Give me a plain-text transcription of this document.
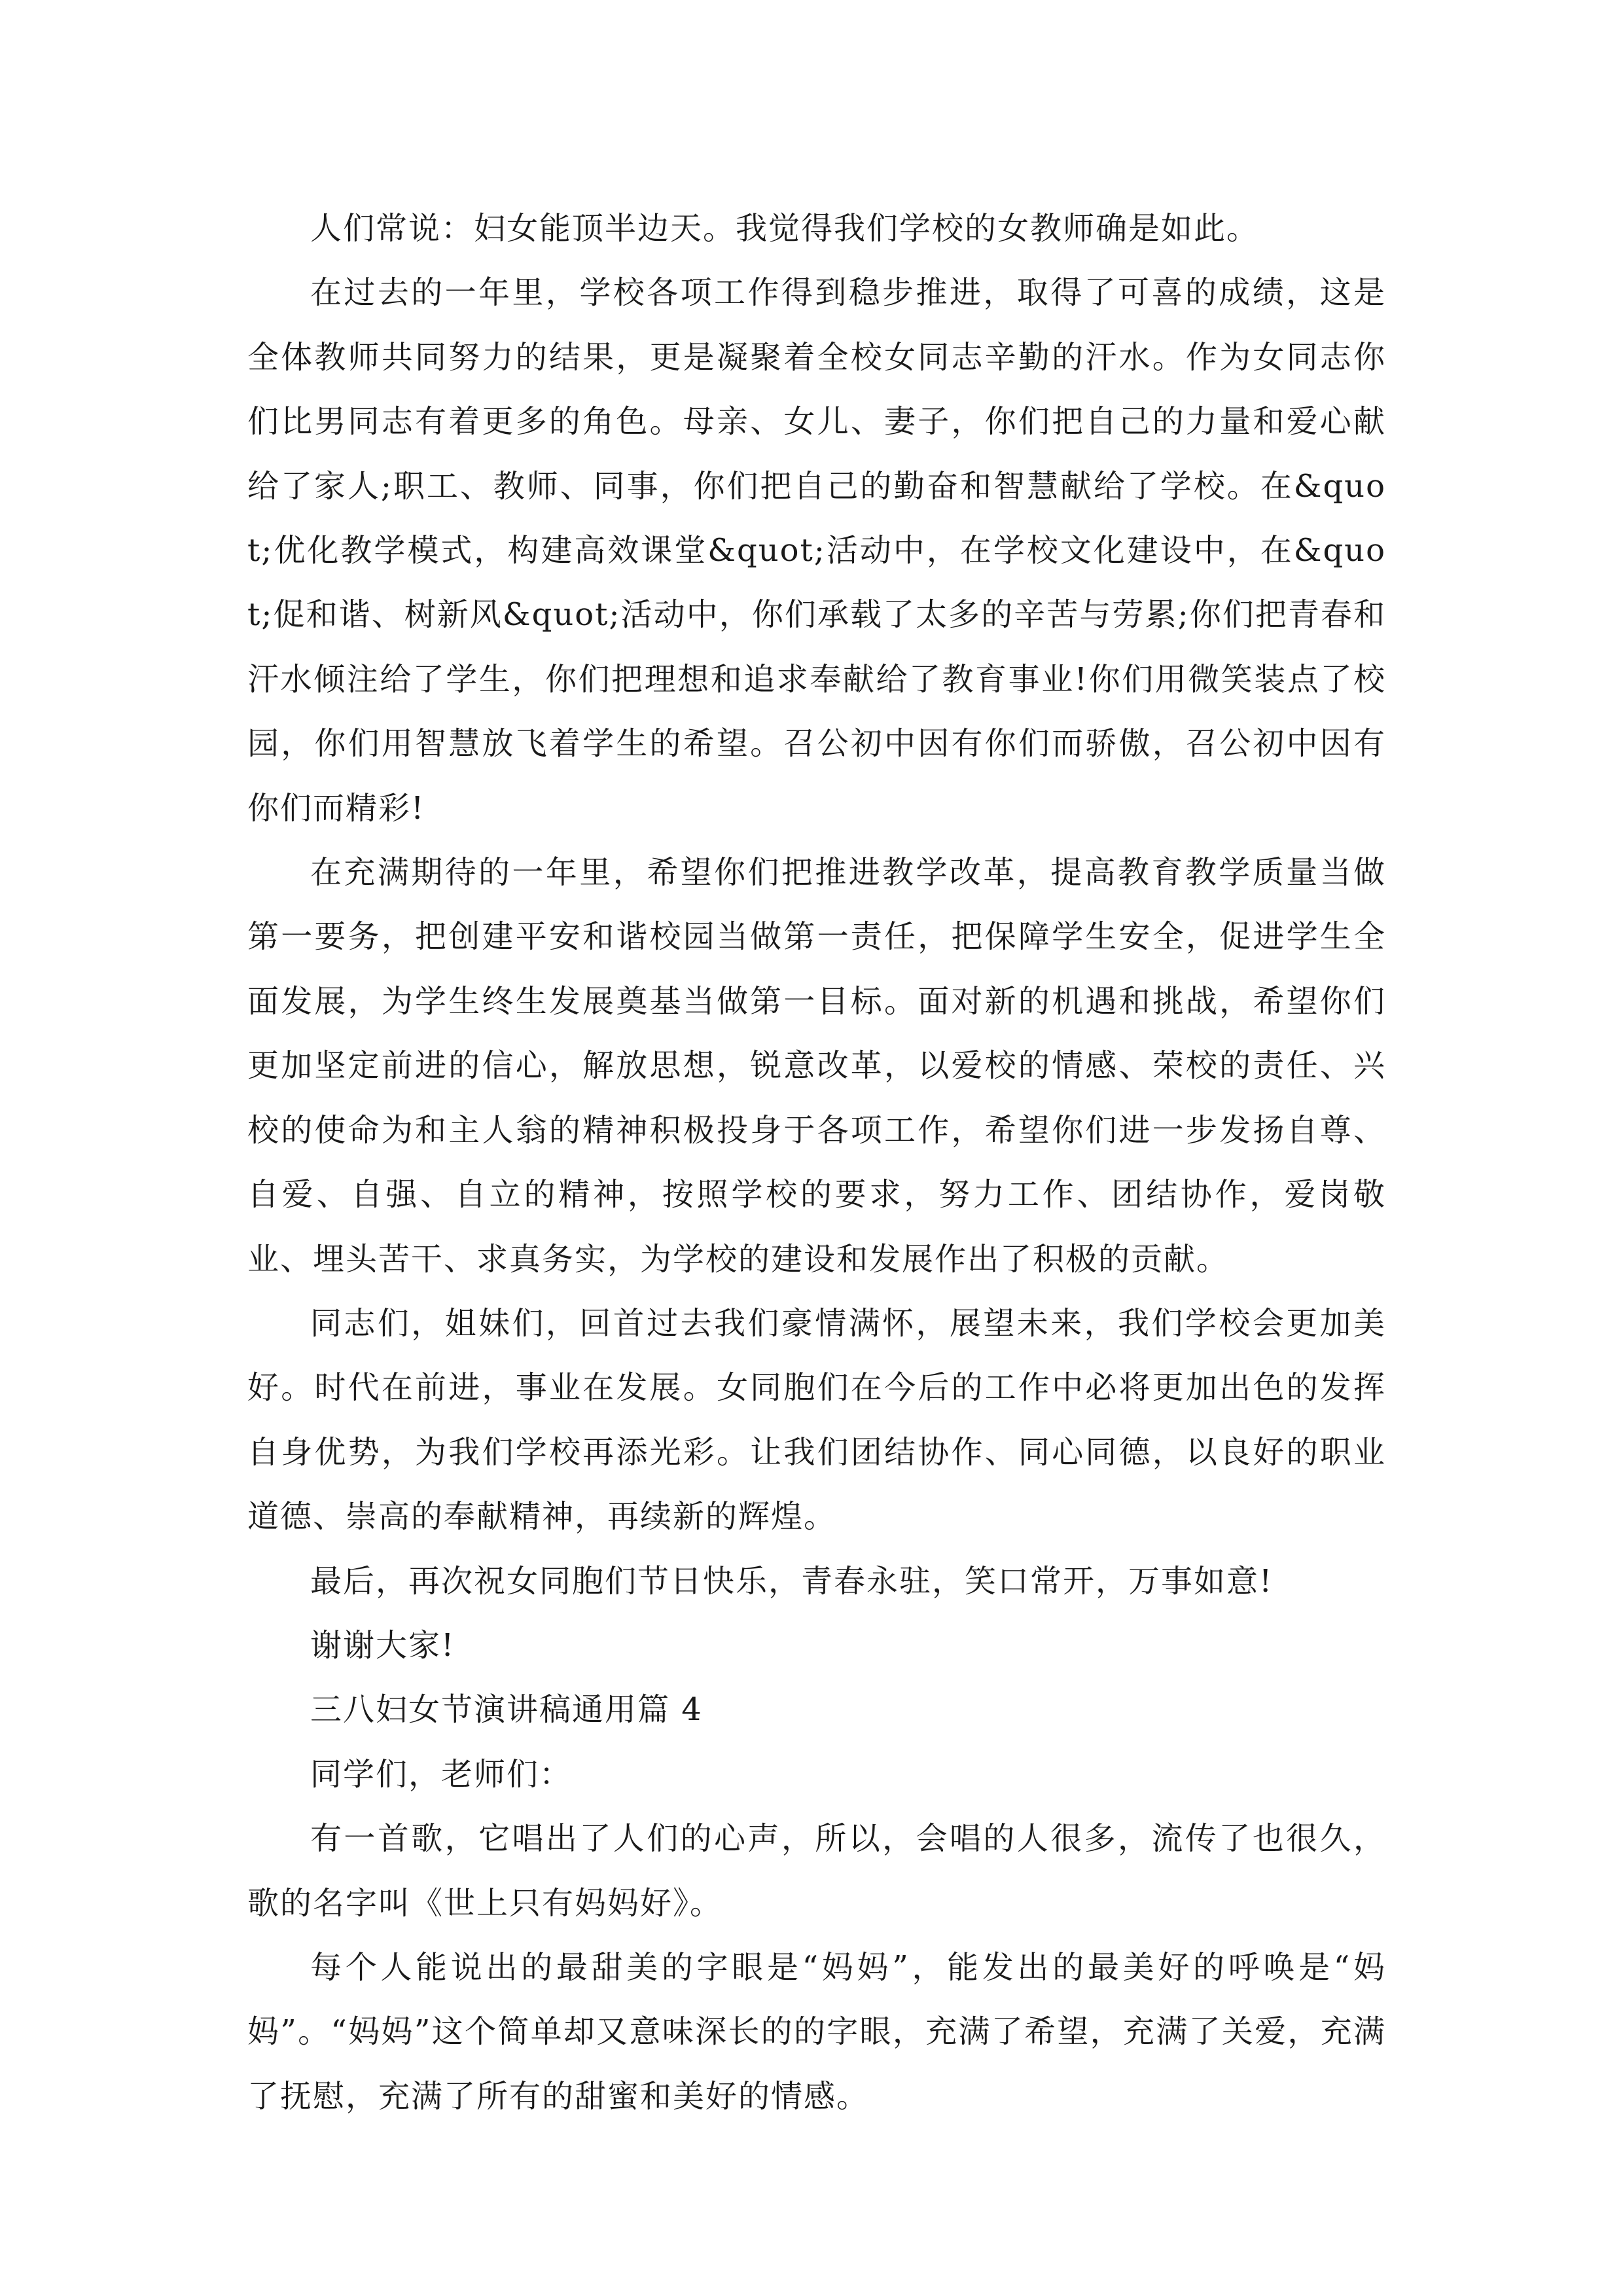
人们常说：妇女能顶半边天。我觉得我们学校的女教师确是如此。

在过去的一年里，学校各项工作得到稳步推进，取得了可喜的成绩，这是全体教师共同努力的结果，更是凝聚着全校女同志辛勤的汗水。作为女同志你们比男同志有着更多的角色。母亲、女儿、妻子，你们把自己的力量和爱心献给了家人;职工、教师、同事，你们把自己的勤奋和智慧献给了学校。在&quot;优化教学模式，构建高效课堂&quot;活动中，在学校文化建设中，在&quot;促和谐、树新风&quot;活动中，你们承载了太多的辛苦与劳累;你们把青春和汗水倾注给了学生，你们把理想和追求奉献给了教育事业!你们用微笑装点了校园，你们用智慧放飞着学生的希望。召公初中因有你们而骄傲，召公初中因有你们而精彩!

在充满期待的一年里，希望你们把推进教学改革，提高教育教学质量当做第一要务，把创建平安和谐校园当做第一责任，把保障学生安全，促进学生全面发展，为学生终生发展奠基当做第一目标。面对新的机遇和挑战，希望你们更加坚定前进的信心，解放思想，锐意改革，以爱校的情感、荣校的责任、兴校的使命为和主人翁的精神积极投身于各项工作，希望你们进一步发扬自尊、自爱、自强、自立的精神，按照学校的要求，努力工作、团结协作，爱岗敬业、埋头苦干、求真务实，为学校的建设和发展作出了积极的贡献。

同志们，姐妹们，回首过去我们豪情满怀，展望未来，我们学校会更加美好。时代在前进，事业在发展。女同胞们在今后的工作中必将更加出色的发挥自身优势，为我们学校再添光彩。让我们团结协作、同心同德，以良好的职业道德、崇高的奉献精神，再续新的辉煌。

最后，再次祝女同胞们节日快乐，青春永驻，笑口常开，万事如意!

谢谢大家!

三八妇女节演讲稿通用篇 4

同学们，老师们：

有一首歌，它唱出了人们的心声，所以，会唱的人很多，流传了也很久，歌的名字叫《世上只有妈妈好》。

每个人能说出的最甜美的字眼是“妈妈”，能发出的最美好的呼唤是“妈妈”。“妈妈”这个简单却又意味深长的的字眼，充满了希望，充满了关爱，充满了抚慰，充满了所有的甜蜜和美好的情感。
